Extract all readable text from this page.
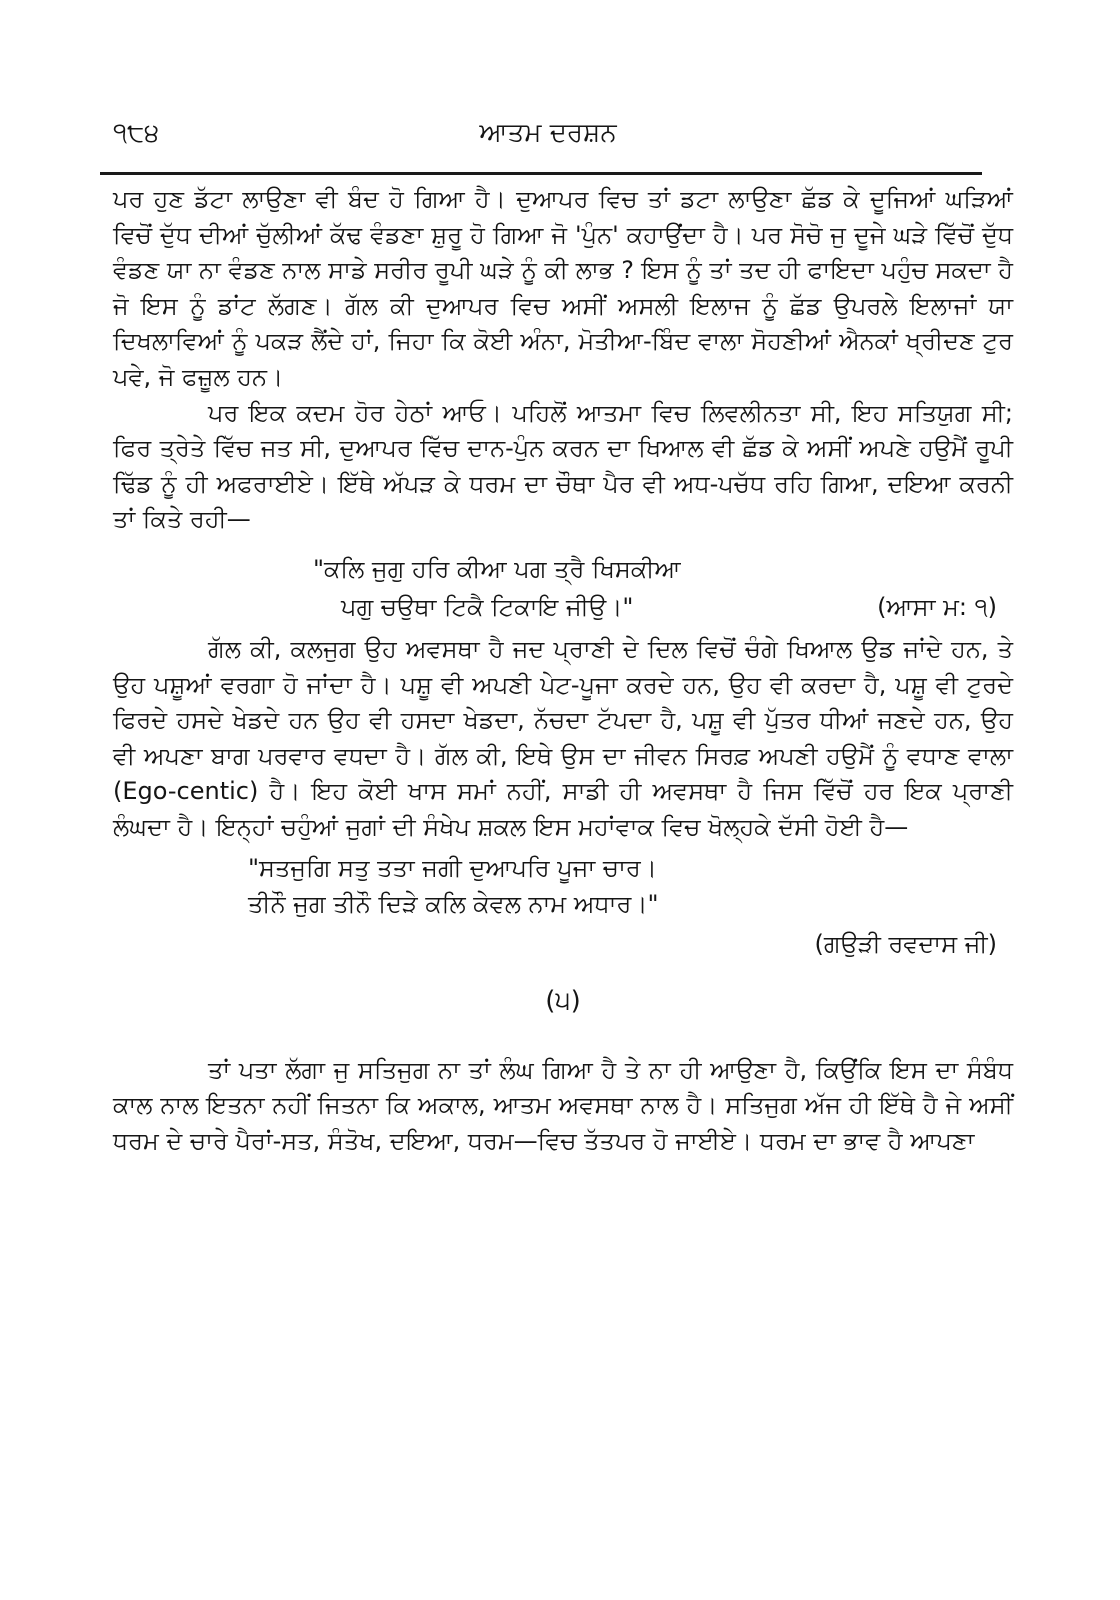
੧੮੪	ਆਤਮ ਦਰਸ਼ਨ

ਪਰ ਹੁਣ ਡੱਟਾ ਲਾਉਣਾ ਵੀ ਬੰਦ ਹੋ ਗਿਆ ਹੈ। ਦੁਆਪਰ ਵਿਚ ਤਾਂ ਡਟਾ ਲਾਉਣਾ ਛੱਡ ਕੇ ਦੂਜਿਆਂ ਘੜਿਆਂ ਵਿਚੋਂ ਦੁੱਧ ਦੀਆਂ ਚੁੱਲੀਆਂ ਕੱਢ ਵੰਡਣਾ ਸ਼ੁਰੂ ਹੋ ਗਿਆ ਜੋ 'ਪੁੰਨ' ਕਹਾਉਂਦਾ ਹੈ। ਪਰ ਸੋਚੋ ਜੁ ਦੂਜੇ ਘੜੇ ਵਿੱਚੋਂ ਦੁੱਧ ਵੰਡਣ ਯਾ ਨਾ ਵੰਡਣ ਨਾਲ ਸਾਡੇ ਸਰੀਰ ਰੂਪੀ ਘੜੇ ਨੂੰ ਕੀ ਲਾਭ ? ਇਸ ਨੂੰ ਤਾਂ ਤਦ ਹੀ ਫਾਇਦਾ ਪਹੁੰਚ ਸਕਦਾ ਹੈ ਜੋ ਇਸ ਨੂੰ ਡਾਂਟ ਲੱਗਣ। ਗੱਲ ਕੀ ਦੁਆਪਰ ਵਿਚ ਅਸੀਂ ਅਸਲੀ ਇਲਾਜ ਨੂੰ ਛੱਡ ਉਪਰਲੇ ਇਲਾਜਾਂ ਯਾ ਦਿਖਲਾਵਿਆਂ ਨੂੰ ਪਕੜ ਲੈਂਦੇ ਹਾਂ, ਜਿਹਾ ਕਿ ਕੋਈ ਅੰਨਾ, ਮੋਤੀਆ-ਬਿੰਦ ਵਾਲਾ ਸੋਹਣੀਆਂ ਐਨਕਾਂ ਖ੍ਰੀਦਣ ਟੁਰ ਪਵੇ, ਜੋ ਫਜ਼ੂਲ ਹਨ।

ਪਰ ਇਕ ਕਦਮ ਹੋਰ ਹੇਠਾਂ ਆਓ। ਪਹਿਲੋਂ ਆਤਮਾ ਵਿਚ ਲਿਵਲੀਨਤਾ ਸੀ, ਇਹ ਸਤਿਯੁਗ ਸੀ; ਫਿਰ ਤ੍ਰੇਤੇ ਵਿੱਚ ਜਤ ਸੀ, ਦੁਆਪਰ ਵਿੱਚ ਦਾਨ-ਪੁੰਨ ਕਰਨ ਦਾ ਖਿਆਲ ਵੀ ਛੱਡ ਕੇ ਅਸੀਂ ਅਪਣੇ ਹਉਮੈਂ ਰੂਪੀ ਢਿੱਡ ਨੂੰ ਹੀ ਅਫਰਾਈਏ। ਇੱਥੇ ਅੱਪੜ ਕੇ ਧਰਮ ਦਾ ਚੌਥਾ ਪੈਰ ਵੀ ਅਧ-ਪਚੱਧ ਰਹਿ ਗਿਆ, ਦਇਆ ਕਰਨੀ ਤਾਂ ਕਿਤੇ ਰਹੀ—

"ਕਲਿ ਜੁਗੁ ਹਰਿ ਕੀਆ ਪਗ ਤ੍ਰੈ ਖਿਸਕੀਆ
ਪਗੁ ਚਉਥਾ ਟਿਕੈ ਟਿਕਾਇ ਜੀਉ।"	(ਆਸਾ ਮ: ੧)

ਗੱਲ ਕੀ, ਕਲਜੁਗ ਉਹ ਅਵਸਥਾ ਹੈ ਜਦ ਪ੍ਰਾਣੀ ਦੇ ਦਿਲ ਵਿਚੋਂ ਚੰਗੇ ਖਿਆਲ ਉਡ ਜਾਂਦੇ ਹਨ, ਤੇ ਉਹ ਪਸ਼ੂਆਂ ਵਰਗਾ ਹੋ ਜਾਂਦਾ ਹੈ। ਪਸ਼ੂ ਵੀ ਅਪਣੀ ਪੇਟ-ਪੂਜਾ ਕਰਦੇ ਹਨ, ਉਹ ਵੀ ਕਰਦਾ ਹੈ, ਪਸ਼ੂ ਵੀ ਟੁਰਦੇ ਫਿਰਦੇ ਹਸਦੇ ਖੇਡਦੇ ਹਨ ਉਹ ਵੀ ਹਸਦਾ ਖੇਡਦਾ, ਨੱਚਦਾ ਟੱਪਦਾ ਹੈ, ਪਸ਼ੂ ਵੀ ਪੁੱਤਰ ਧੀਆਂ ਜਣਦੇ ਹਨ, ਉਹ ਵੀ ਅਪਣਾ ਬਾਗ ਪਰਵਾਰ ਵਧਦਾ ਹੈ। ਗੱਲ ਕੀ, ਇਥੇ ਉਸ ਦਾ ਜੀਵਨ ਸਿਰਫ਼ ਅਪਣੀ ਹਉਮੈਂ ਨੂੰ ਵਧਾਣ ਵਾਲਾ (Ego-centic) ਹੈ। ਇਹ ਕੋਈ ਖਾਸ ਸਮਾਂ ਨਹੀਂ, ਸਾਡੀ ਹੀ ਅਵਸਥਾ ਹੈ ਜਿਸ ਵਿੱਚੋਂ ਹਰ ਇਕ ਪ੍ਰਾਣੀ ਲੰਘਦਾ ਹੈ। ਇਨ੍ਹਾਂ ਚਹੁੰਆਂ ਜੁਗਾਂ ਦੀ ਸੰਖੇਪ ਸ਼ਕਲ ਇਸ ਮਹਾਂਵਾਕ ਵਿਚ ਖੋਲ੍ਹਕੇ ਦੱਸੀ ਹੋਈ ਹੈ—

"ਸਤਜੁਗਿ ਸਤੁ ਤਤਾ ਜਗੀ ਦੁਆਪਰਿ ਪੂਜਾ ਚਾਰ।
ਤੀਨੌ ਜੁਗ ਤੀਨੌ ਦਿੜੇ ਕਲਿ ਕੇਵਲ ਨਾਮ ਅਧਾਰ।"
(ਗਉੜੀ ਰਵਦਾਸ ਜੀ)
(੫)

ਤਾਂ ਪਤਾ ਲੱਗਾ ਜੁ ਸਤਿਜੁਗ ਨਾ ਤਾਂ ਲੰਘ ਗਿਆ ਹੈ ਤੇ ਨਾ ਹੀ ਆਉਣਾ ਹੈ, ਕਿਉਂਕਿ ਇਸ ਦਾ ਸੰਬੰਧ ਕਾਲ ਨਾਲ ਇਤਨਾ ਨਹੀਂ ਜਿਤਨਾ ਕਿ ਅਕਾਲ, ਆਤਮ ਅਵਸਥਾ ਨਾਲ ਹੈ। ਸਤਿਜੁਗ ਅੱਜ ਹੀ ਇੱਥੇ ਹੈ ਜੇ ਅਸੀਂ ਧਰਮ ਦੇ ਚਾਰੇ ਪੈਰਾਂ-ਸਤ, ਸੰਤੋਖ, ਦਇਆ, ਧਰਮ—ਵਿਚ ਤੱਤਪਰ ਹੋ ਜਾਈਏ। ਧਰਮ ਦਾ ਭਾਵ ਹੈ ਆਪਣਾ
